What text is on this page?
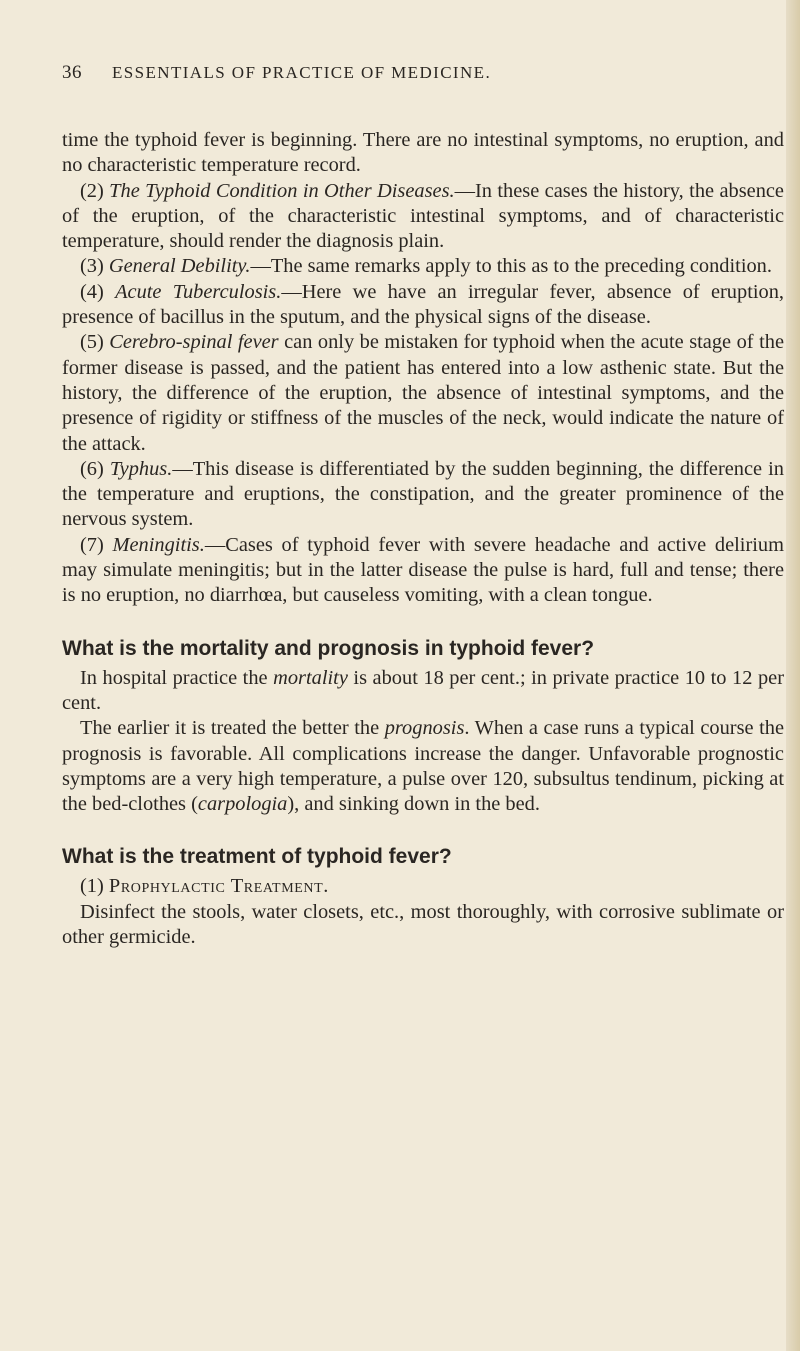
36 ESSENTIALS OF PRACTICE OF MEDICINE.

time the typhoid fever is beginning. There are no intestinal symptoms, no eruption, and no characteristic temperature record.

(2) The Typhoid Condition in Other Diseases.—In these cases the history, the absence of the eruption, of the characteristic intestinal symptoms, and of characteristic temperature, should render the diagnosis plain.

(3) General Debility.—The same remarks apply to this as to the preceding condition.

(4) Acute Tuberculosis.—Here we have an irregular fever, absence of eruption, presence of bacillus in the sputum, and the physical signs of the disease.

(5) Cerebro-spinal fever can only be mistaken for typhoid when the acute stage of the former disease is passed, and the patient has entered into a low asthenic state. But the history, the difference of the eruption, the absence of intestinal symptoms, and the presence of rigidity or stiffness of the muscles of the neck, would indicate the nature of the attack.

(6) Typhus.—This disease is differentiated by the sudden beginning, the difference in the temperature and eruptions, the constipation, and the greater prominence of the nervous system.

(7) Meningitis.—Cases of typhoid fever with severe headache and active delirium may simulate meningitis; but in the latter disease the pulse is hard, full and tense; there is no eruption, no diarrhœa, but causeless vomiting, with a clean tongue.

What is the mortality and prognosis in typhoid fever?

In hospital practice the mortality is about 18 per cent.; in private practice 10 to 12 per cent.

The earlier it is treated the better the prognosis. When a case runs a typical course the prognosis is favorable. All complications increase the danger. Unfavorable prognostic symptoms are a very high temperature, a pulse over 120, subsultus tendinum, picking at the bed-clothes (carpologia), and sinking down in the bed.

What is the treatment of typhoid fever?

(1) Prophylactic Treatment.

Disinfect the stools, water closets, etc., most thoroughly, with corrosive sublimate or other germicide.
